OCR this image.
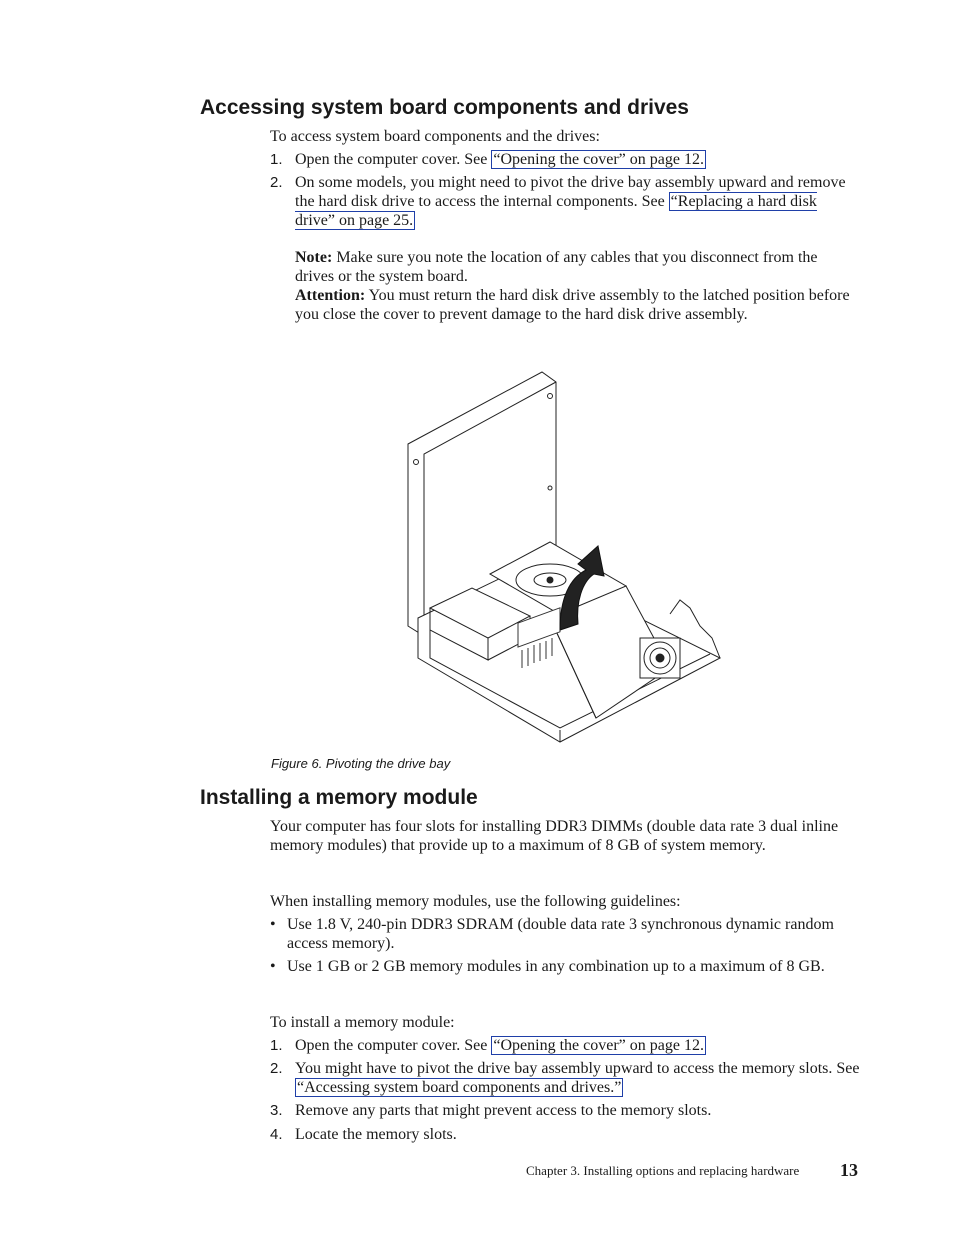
Accessing system board components and drives

To access system board components and the drives:

1. Open the computer cover. See “Opening the cover” on page 12.
2. On some models, you might need to pivot the drive bay assembly upward and remove the hard disk drive to access the internal components. See “Replacing a hard disk drive” on page 25.

Note: Make sure you note the location of any cables that you disconnect from the drives or the system board.

Attention: You must return the hard disk drive assembly to the latched position before you close the cover to prevent damage to the hard disk drive assembly.

Figure 6. Pivoting the drive bay
Installing a memory module

Your computer has four slots for installing DDR3 DIMMs (double data rate 3 dual inline memory modules) that provide up to a maximum of 8 GB of system memory.

When installing memory modules, use the following guidelines:

• Use 1.8 V, 240-pin DDR3 SDRAM (double data rate 3 synchronous dynamic random access memory).
• Use 1 GB or 2 GB memory modules in any combination up to a maximum of 8 GB.

To install a memory module:

1. Open the computer cover. See “Opening the cover” on page 12.
2. You might have to pivot the drive bay assembly upward to access the memory slots. See “Accessing system board components and drives.”
3. Remove any parts that might prevent access to the memory slots.
4. Locate the memory slots.
Chapter 3. Installing options and replacing hardware 13
